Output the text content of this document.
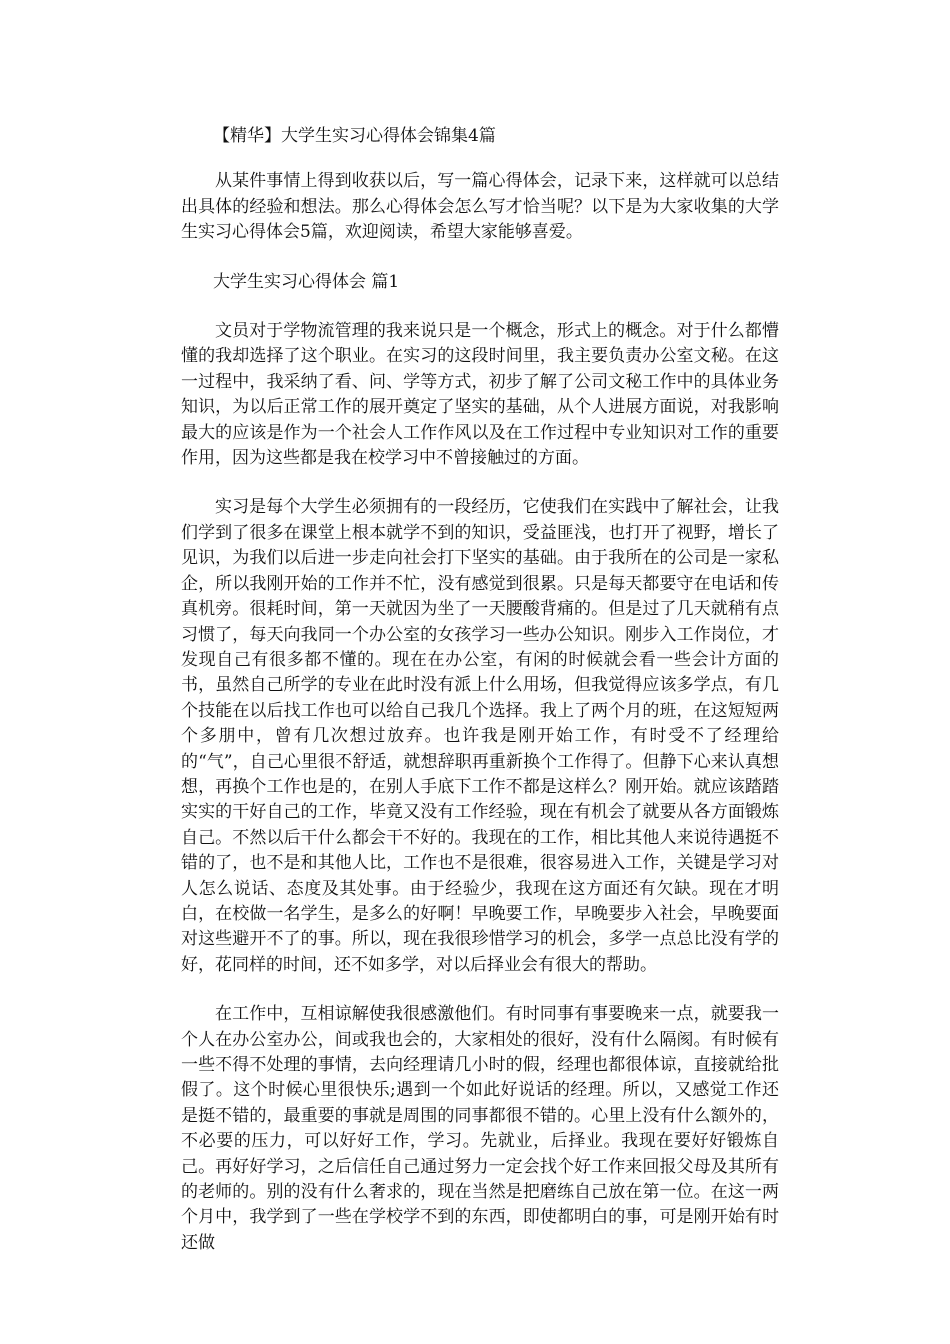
【精华】大学生实习心得体会锦集4篇

从某件事情上得到收获以后，写一篇心得体会，记录下来，这样就可以总结出具体的经验和想法。那么心得体会怎么写才恰当呢？以下是为大家收集的大学生实习心得体会5篇，欢迎阅读，希望大家能够喜爱。

大学生实习心得体会 篇1

文员对于学物流管理的我来说只是一个概念，形式上的概念。对于什么都懵懂的我却选择了这个职业。在实习的这段时间里，我主要负责办公室文秘。在这一过程中，我采纳了看、问、学等方式，初步了解了公司文秘工作中的具体业务知识，为以后正常工作的展开奠定了坚实的基础，从个人进展方面说，对我影响最大的应该是作为一个社会人工作作风以及在工作过程中专业知识对工作的重要作用，因为这些都是我在校学习中不曾接触过的方面。

实习是每个大学生必须拥有的一段经历，它使我们在实践中了解社会，让我们学到了很多在课堂上根本就学不到的知识，受益匪浅，也打开了视野，增长了见识，为我们以后进一步走向社会打下坚实的基础。由于我所在的公司是一家私企，所以我刚开始的工作并不忙，没有感觉到很累。只是每天都要守在电话和传真机旁。很耗时间，第一天就因为坐了一天腰酸背痛的。但是过了几天就稍有点习惯了，每天向我同一个办公室的女孩学习一些办公知识。刚步入工作岗位，才发现自己有很多都不懂的。现在在办公室，有闲的时候就会看一些会计方面的书，虽然自己所学的专业在此时没有派上什么用场，但我觉得应该多学点，有几个技能在以后找工作也可以给自己我几个选择。我上了两个月的班，在这短短两个多朋中，曾有几次想过放弃。也许我是刚开始工作，有时受不了经理给的“气”，自己心里很不舒适，就想辞职再重新换个工作得了。但静下心来认真想想，再换个工作也是的，在别人手底下工作不都是这样么？刚开始。就应该踏踏实实的干好自己的工作，毕竟又没有工作经验，现在有机会了就要从各方面锻炼自己。不然以后干什么都会干不好的。我现在的工作，相比其他人来说待遇挺不错的了，也不是和其他人比，工作也不是很难，很容易进入工作，关键是学习对人怎么说话、态度及其处事。由于经验少，我现在这方面还有欠缺。现在才明白，在校做一名学生，是多么的好啊！早晚要工作，早晚要步入社会，早晚要面对这些避开不了的事。所以，现在我很珍惜学习的机会，多学一点总比没有学的好，花同样的时间，还不如多学，对以后择业会有很大的帮助。

在工作中，互相谅解使我很感激他们。有时同事有事要晚来一点，就要我一个人在办公室办公，间或我也会的，大家相处的很好，没有什么隔阂。有时候有一些不得不处理的事情，去向经理请几小时的假，经理也都很体谅，直接就给批假了。这个时候心里很快乐;遇到一个如此好说话的经理。所以，又感觉工作还是挺不错的，最重要的事就是周围的同事都很不错的。心里上没有什么额外的，不必要的压力，可以好好工作，学习。先就业，后择业。我现在要好好锻炼自己。再好好学习，之后信任自己通过努力一定会找个好工作来回报父母及其所有的老师的。别的没有什么奢求的，现在当然是把磨练自己放在第一位。在这一两个月中，我学到了一些在学校学不到的东西，即使都明白的事，可是刚开始有时还做
